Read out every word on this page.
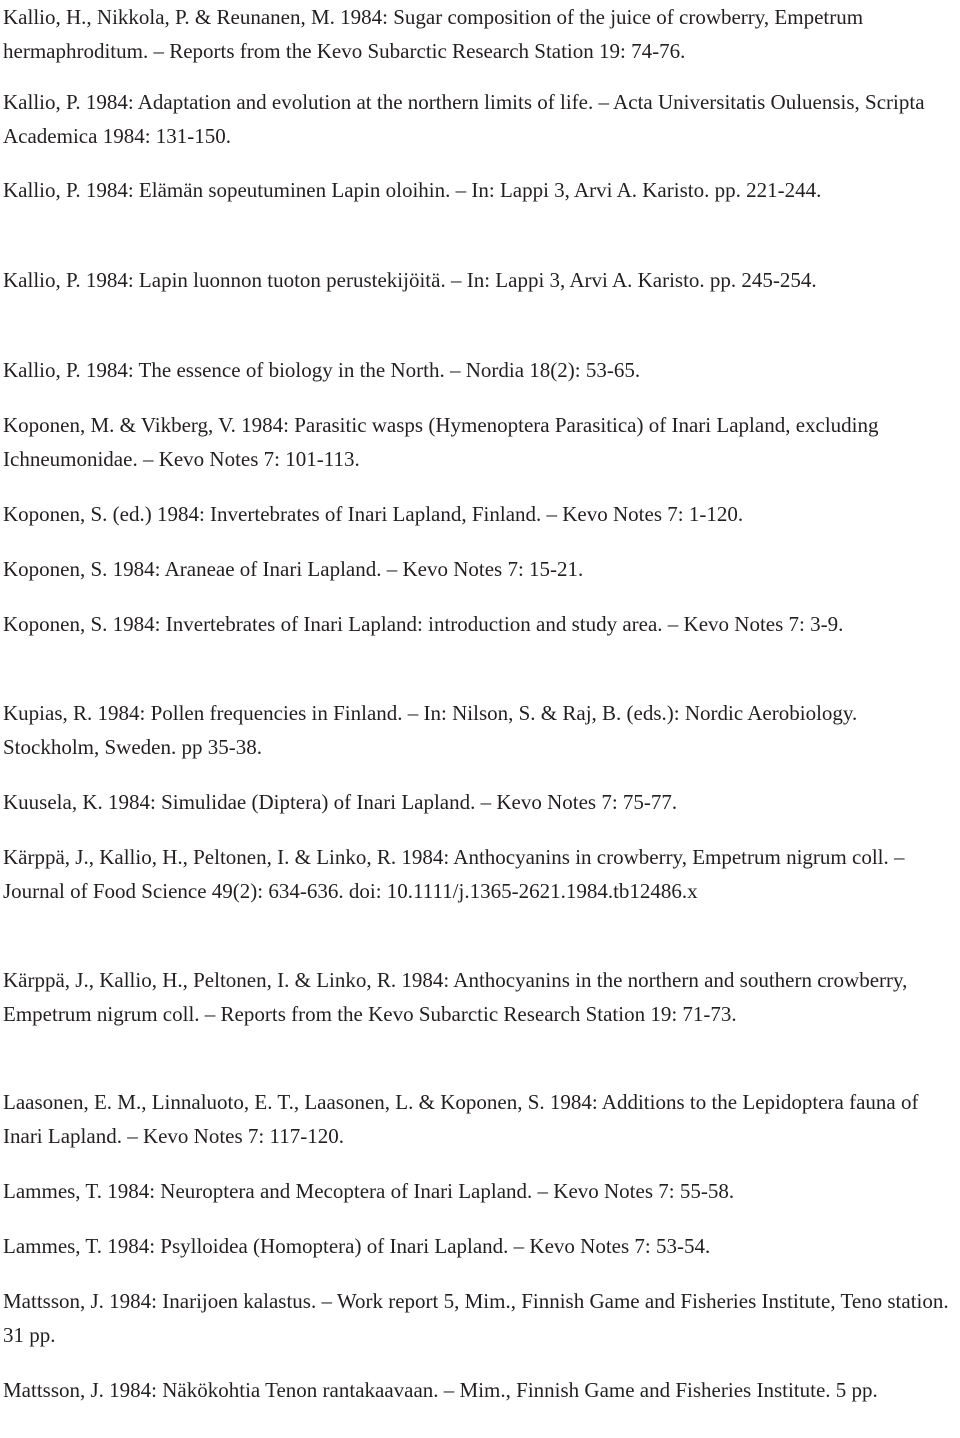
Kallio, H., Nikkola, P. & Reunanen, M. 1984: Sugar composition of the juice of crowberry, Empetrum hermaphroditum. – Reports from the Kevo Subarctic Research Station 19: 74-76.

Kallio, P. 1984: Adaptation and evolution at the northern limits of life. – Acta Universitatis Ouluensis, Scripta Academica 1984: 131-150.

Kallio, P. 1984: Elämän sopeutuminen Lapin oloihin. – In: Lappi 3, Arvi A. Karisto. pp. 221-244.

Kallio, P. 1984: Lapin luonnon tuoton perustekijöitä. – In: Lappi 3, Arvi A. Karisto. pp. 245-254.

Kallio, P. 1984: The essence of biology in the North. – Nordia 18(2): 53-65.

Koponen, M. & Vikberg, V. 1984: Parasitic wasps (Hymenoptera Parasitica) of Inari Lapland, excluding Ichneumonidae. – Kevo Notes 7: 101-113.

Koponen, S. (ed.) 1984: Invertebrates of Inari Lapland, Finland. – Kevo Notes 7: 1-120.

Koponen, S. 1984: Araneae of Inari Lapland. – Kevo Notes 7: 15-21.

Koponen, S. 1984: Invertebrates of Inari Lapland: introduction and study area. – Kevo Notes 7: 3-9.

Kupias, R. 1984: Pollen frequencies in Finland. – In: Nilson, S. & Raj, B. (eds.): Nordic Aerobiology. Stockholm, Sweden. pp 35-38.

Kuusela, K. 1984: Simulidae (Diptera) of Inari Lapland. – Kevo Notes 7: 75-77.

Kärppä, J., Kallio, H., Peltonen, I. & Linko, R. 1984: Anthocyanins in crowberry, Empetrum nigrum coll. – Journal of Food Science 49(2): 634-636. doi: 10.1111/j.1365-2621.1984.tb12486.x

Kärppä, J., Kallio, H., Peltonen, I. & Linko, R. 1984: Anthocyanins in the northern and southern crowberry, Empetrum nigrum coll. – Reports from the Kevo Subarctic Research Station 19: 71-73.

Laasonen, E. M., Linnaluoto, E. T., Laasonen, L. & Koponen, S. 1984: Additions to the Lepidoptera fauna of Inari Lapland. – Kevo Notes 7: 117-120.

Lammes, T. 1984: Neuroptera and Mecoptera of Inari Lapland. – Kevo Notes 7: 55-58.

Lammes, T. 1984: Psylloidea (Homoptera) of Inari Lapland. – Kevo Notes 7: 53-54.

Mattsson, J. 1984: Inarijoen kalastus. – Work report 5, Mim., Finnish Game and Fisheries Institute, Teno station. 31 pp.

Mattsson, J. 1984: Näkökohtia Tenon rantakaavaan. – Mim., Finnish Game and Fisheries Institute. 5 pp.
